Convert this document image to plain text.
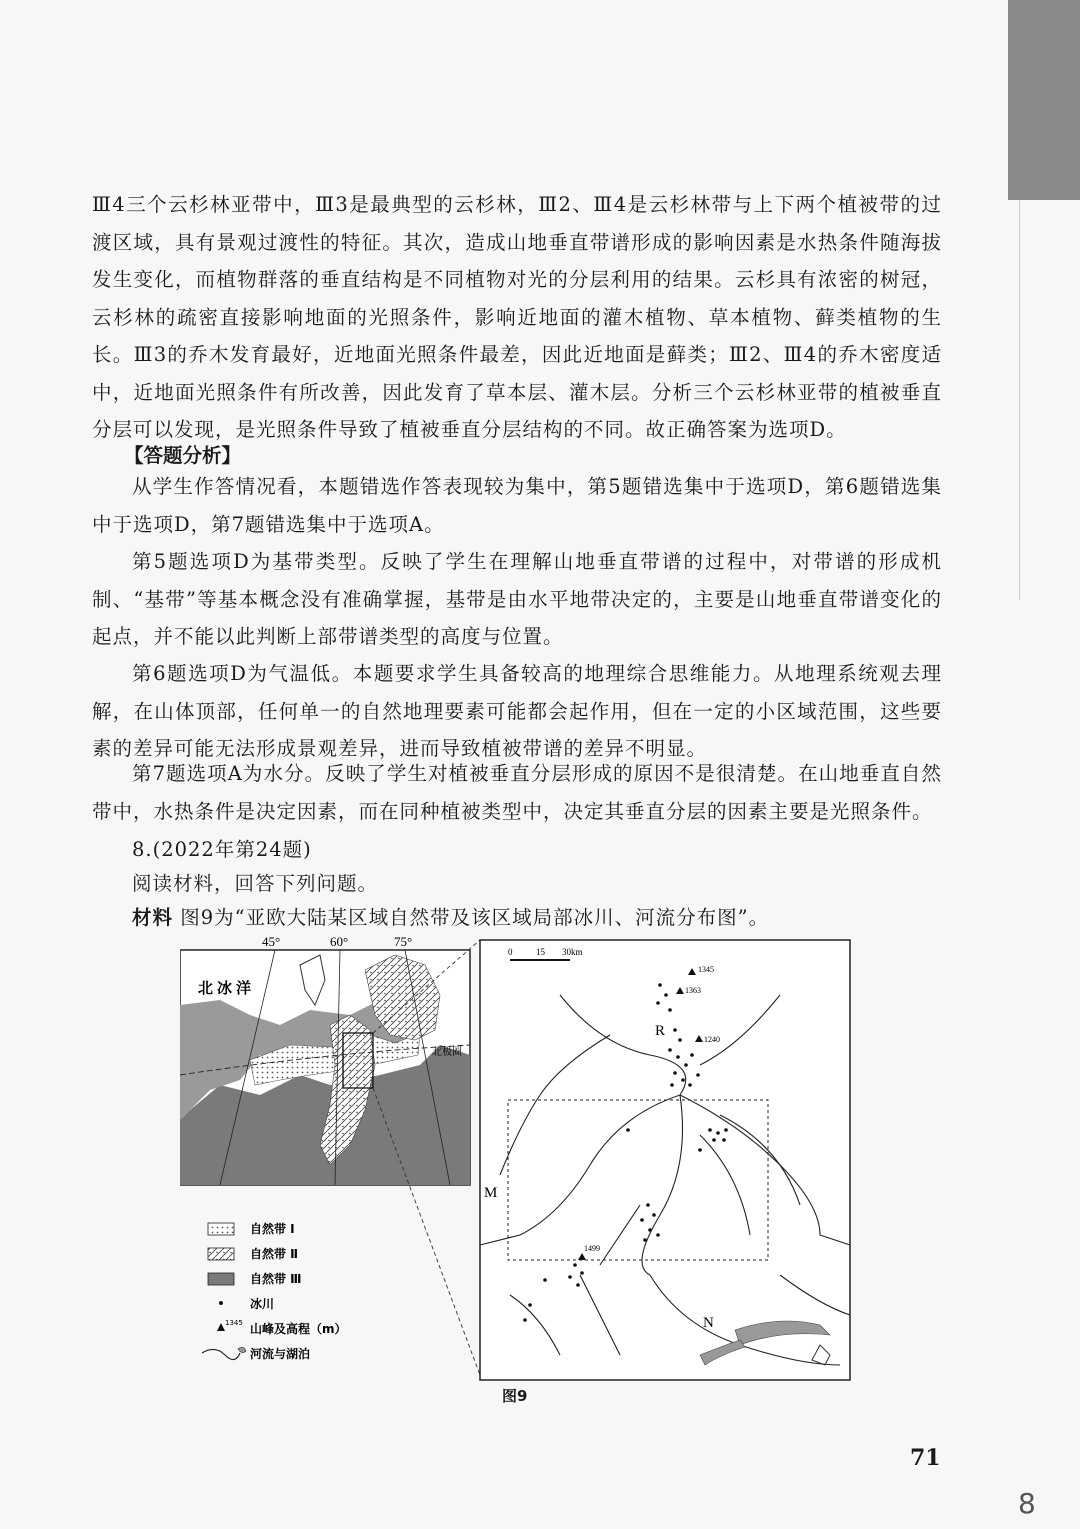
Ⅲ4三个云杉林亚带中，Ⅲ3是最典型的云杉林，Ⅲ2、Ⅲ4是云杉林带与上下两个植被带的过渡区域，具有景观过渡性的特征。其次，造成山地垂直带谱形成的影响因素是水热条件随海拔发生变化，而植物群落的垂直结构是不同植物对光的分层利用的结果。云杉具有浓密的树冠，云杉林的疏密直接影响地面的光照条件，影响近地面的灌木植物、草本植物、藓类植物的生长。Ⅲ3的乔木发育最好，近地面光照条件最差，因此近地面是藓类；Ⅲ2、Ⅲ4的乔木密度适中，近地面光照条件有所改善，因此发育了草本层、灌木层。分析三个云杉林亚带的植被垂直分层可以发现，是光照条件导致了植被垂直分层结构的不同。故正确答案为选项D。

【答题分析】

从学生作答情况看，本题错选作答表现较为集中，第5题错选集中于选项D，第6题错选集中于选项D，第7题错选集中于选项A。

第5题选项D为基带类型。反映了学生在理解山地垂直带谱的过程中，对带谱的形成机制、“基带”等基本概念没有准确掌握，基带是由水平地带决定的，主要是山地垂直带谱变化的起点，并不能以此判断上部带谱类型的高度与位置。

第6题选项D为气温低。本题要求学生具备较高的地理综合思维能力。从地理系统观去理解，在山体顶部，任何单一的自然地理要素可能都会起作用，但在一定的小区域范围，这些要素的差异可能无法形成景观差异，进而导致植被带谱的差异不明显。

第7题选项A为水分。反映了学生对植被垂直分层形成的原因不是很清楚。在山地垂直自然带中，水热条件是决定因素，而在同种植被类型中，决定其垂直分层的因素主要是光照条件。

8.(2022年第24题)

阅读材料，回答下列问题。

材料 图9为“亚欧大陆某区域自然带及该区域局部冰川、河流分布图”。

45°	60°	75°
北冰洋
北极圈
0	15 30km
1345
1363
1240
1499
R
M
N
自然带 Ⅰ
自然带 Ⅱ
自然带 Ⅲ
冰川
1345 山峰及高程（m）
河流与湖泊
图9
71
8
